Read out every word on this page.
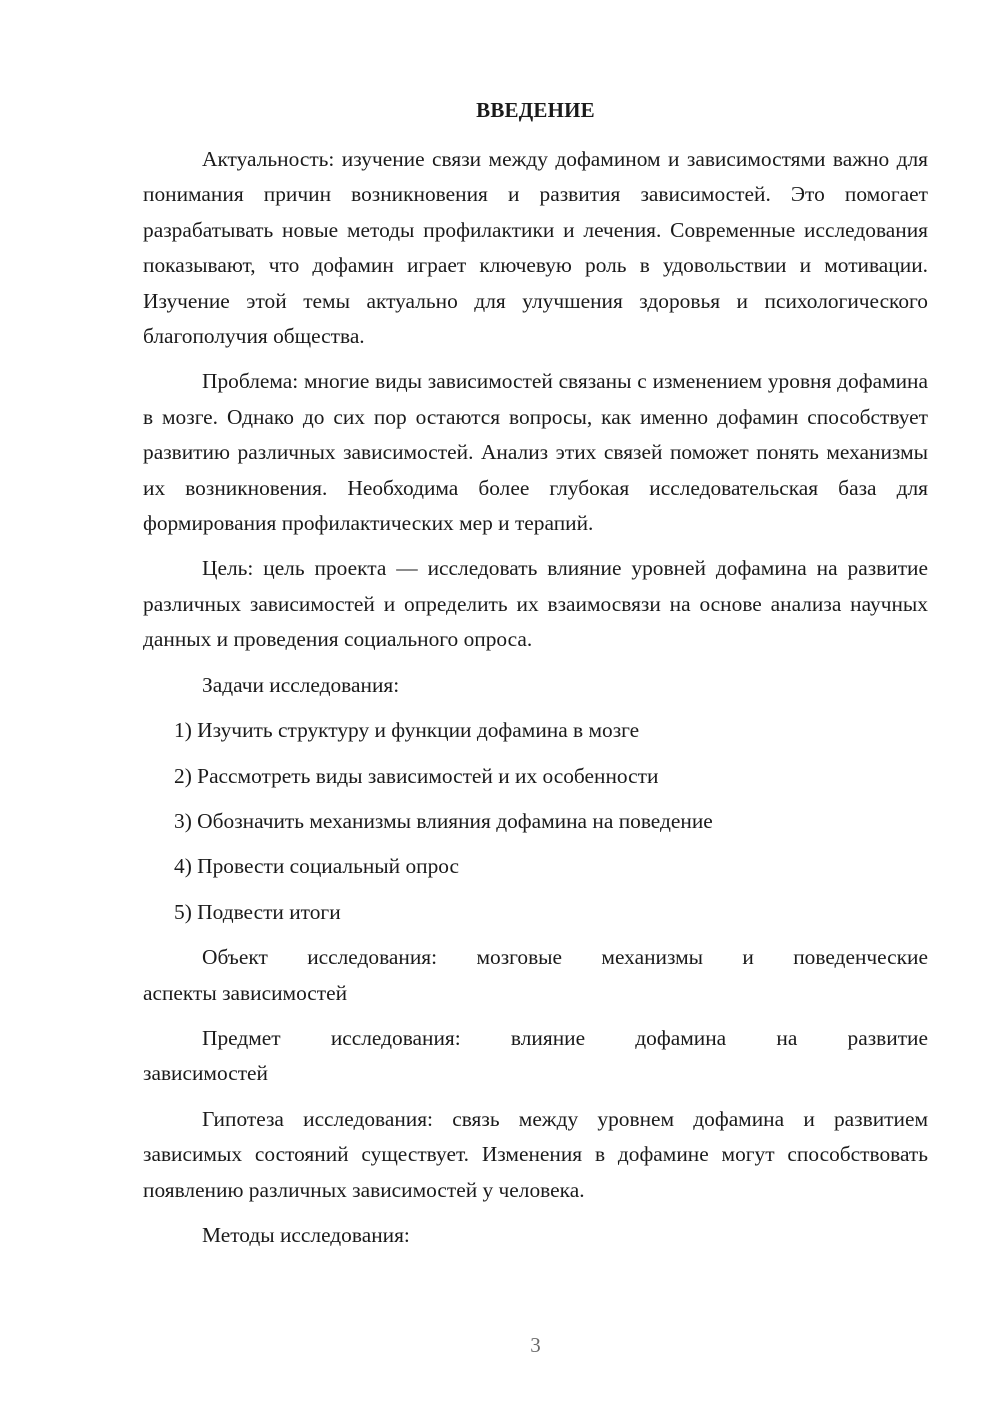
ВВЕДЕНИЕ

Актуальность: изучение связи между дофамином и зависимостями важно для понимания причин возникновения и развития зависимостей. Это помогает разрабатывать новые методы профилактики и лечения. Современные исследования показывают, что дофамин играет ключевую роль в удовольствии и мотивации. Изучение этой темы актуально для улучшения здоровья и психологического благополучия общества.

Проблема: многие виды зависимостей связаны с изменением уровня дофамина в мозге. Однако до сих пор остаются вопросы, как именно дофамин способствует развитию различных зависимостей. Анализ этих связей поможет понять механизмы их возникновения. Необходима более глубокая исследовательская база для формирования профилактических мер и терапий.

Цель: цель проекта — исследовать влияние уровней дофамина на развитие различных зависимостей и определить их взаимосвязи на основе анализа научных данных и проведения социального опроса.

Задачи исследования:

1) Изучить структуру и функции дофамина в мозге
2) Рассмотреть виды зависимостей и их особенности
3) Обозначить механизмы влияния дофамина на поведение
4) Провести социальный опрос
5) Подвести итоги
Объект исследования: мозговые механизмы и поведенческие
аспекты зависимостей
Предмет исследования: влияние дофамина на развитие
зависимостей

Гипотеза исследования: связь между уровнем дофамина и развитием зависимых состояний существует. Изменения в дофамине могут способствовать появлению различных зависимостей у человека.

Методы исследования:

3
